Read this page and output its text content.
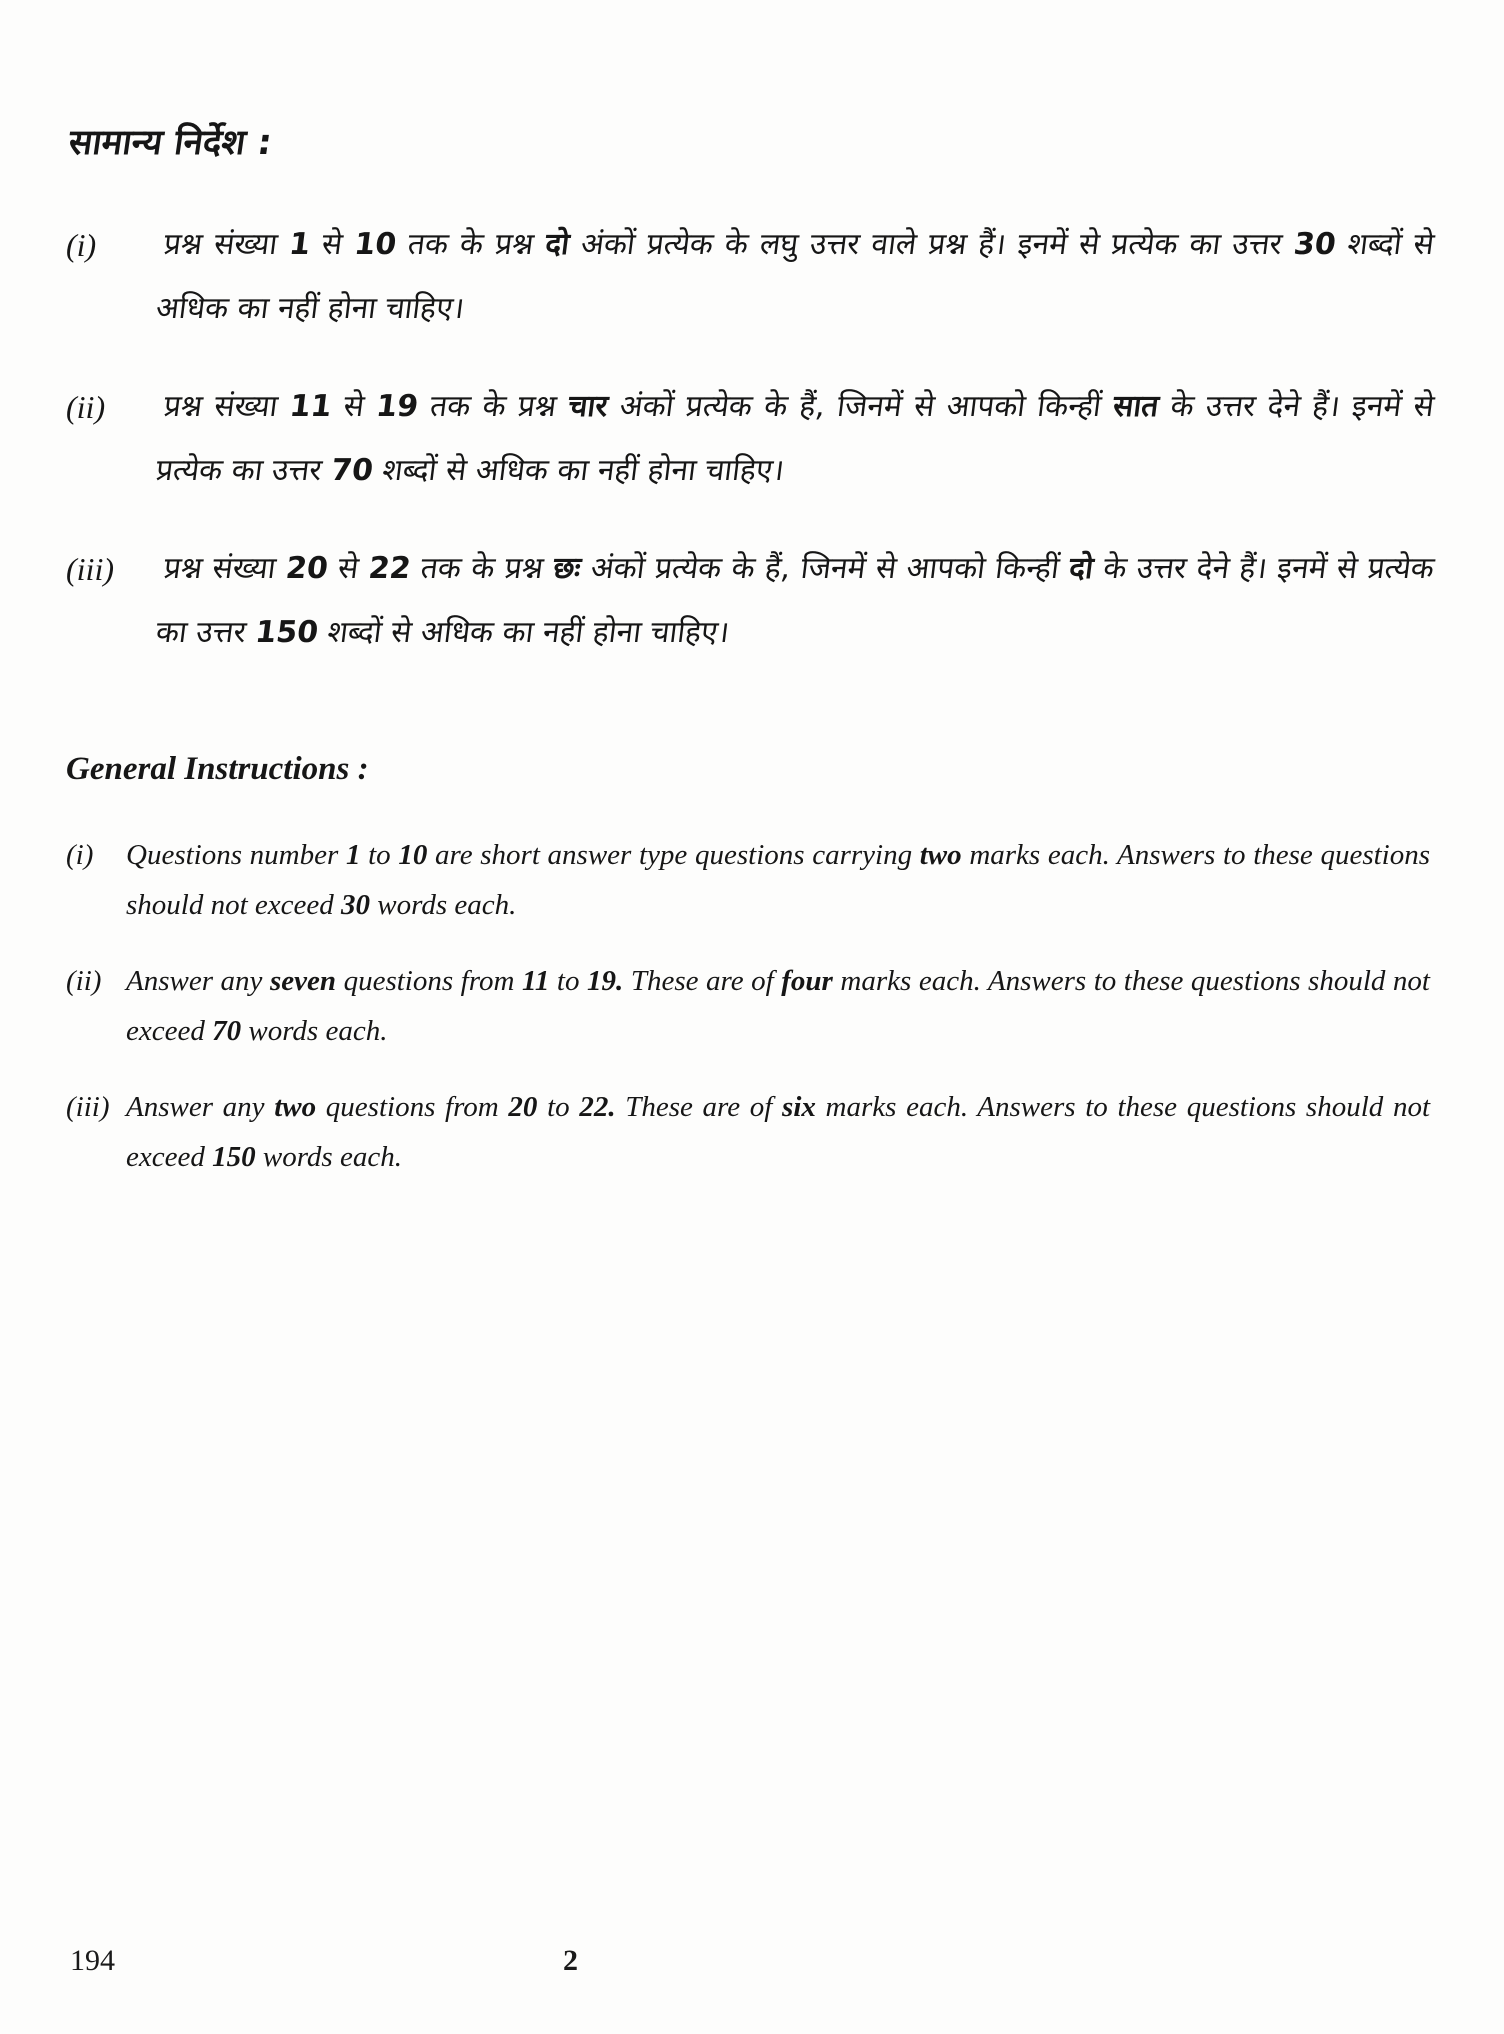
सामान्य निर्देश :
(i)	प्रश्न संख्या 1 से 10 तक के प्रश्न दो अंकों प्रत्येक के लघु उत्तर वाले प्रश्न हैं। इनमें से प्रत्येक का उत्तर 30 शब्दों से अधिक का नहीं होना चाहिए।

(ii)	प्रश्न संख्या 11 से 19 तक के प्रश्न चार अंकों प्रत्येक के हैं, जिनमें से आपको किन्हीं सात के उत्तर देने हैं। इनमें से प्रत्येक का उत्तर 70 शब्दों से अधिक का नहीं होना चाहिए।

(iii)	प्रश्न संख्या 20 से 22 तक के प्रश्न छः अंकों प्रत्येक के हैं, जिनमें से आपको किन्हीं दो के उत्तर देने हैं। इनमें से प्रत्येक का उत्तर 150 शब्दों से अधिक का नहीं होना चाहिए।

General Instructions :
(i)	Questions number 1 to 10 are short answer type questions carrying two marks each. Answers to these questions should not exceed 30 words each.

(ii) Answer any seven questions from 11 to 19. These are of four marks each. Answers to these questions should not exceed 70 words each.

(iii) Answer any two questions from 20 to 22. These are of six marks each. Answers to these questions should not exceed 150 words each.

194	2
